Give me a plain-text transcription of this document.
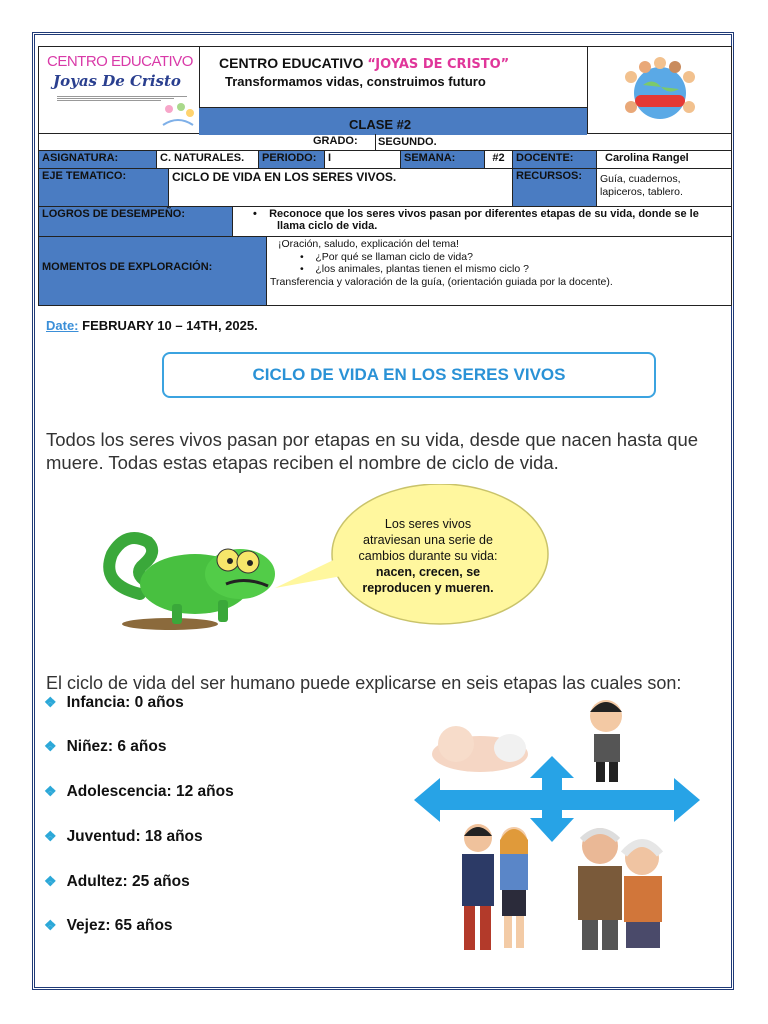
CENTRO EDUCATIVO
Joyas De Cristo
CENTRO EDUCATIVO “JOYAS DE CRISTO”
Transformamos vidas, construimos futuro
CLASE #2
GRADO: SEGUNDO.
ASIGNATURA:	C. NATURALES.	PERIODO:	I	SEMANA:	#2	DOCENTE:	Carolina Rangel
EJE TEMATICO:	CICLO DE VIDA EN LOS SERES VIVOS.	RECURSOS:	Guía, cuadernos,
lapiceros, tablero.
LOGROS DE DESEMPEÑO:	•    Reconoce que los seres vivos pasan por diferentes etapas de su vida, donde se le
llama ciclo de vida.
MOMENTOS DE EXPLORACIÓN:
¡Oración, saludo, explicación del tema!
•    ¿Por qué se llaman ciclo de vida?
•    ¿los animales, plantas tienen el mismo ciclo ?
Transferencia y valoración de la guía, (orientación guiada por la docente).
Date: FEBRUARY 10 – 14TH, 2025.
CICLO DE VIDA EN LOS SERES VIVOS
Todos los seres vivos pasan por etapas en su vida, desde que nacen hasta que muere. Todas estas etapas reciben el nombre de ciclo de vida.
Los seres vivos atraviesan una serie de cambios durante su vida: nacen, crecen, se reproducen y mueren.
El ciclo de vida del ser humano puede explicarse en seis etapas las cuales son:
❖ Infancia: 0 años
❖ Niñez: 6 años
❖ Adolescencia: 12 años
❖ Juventud: 18 años
❖ Adultez: 25 años
❖ Vejez: 65 años
